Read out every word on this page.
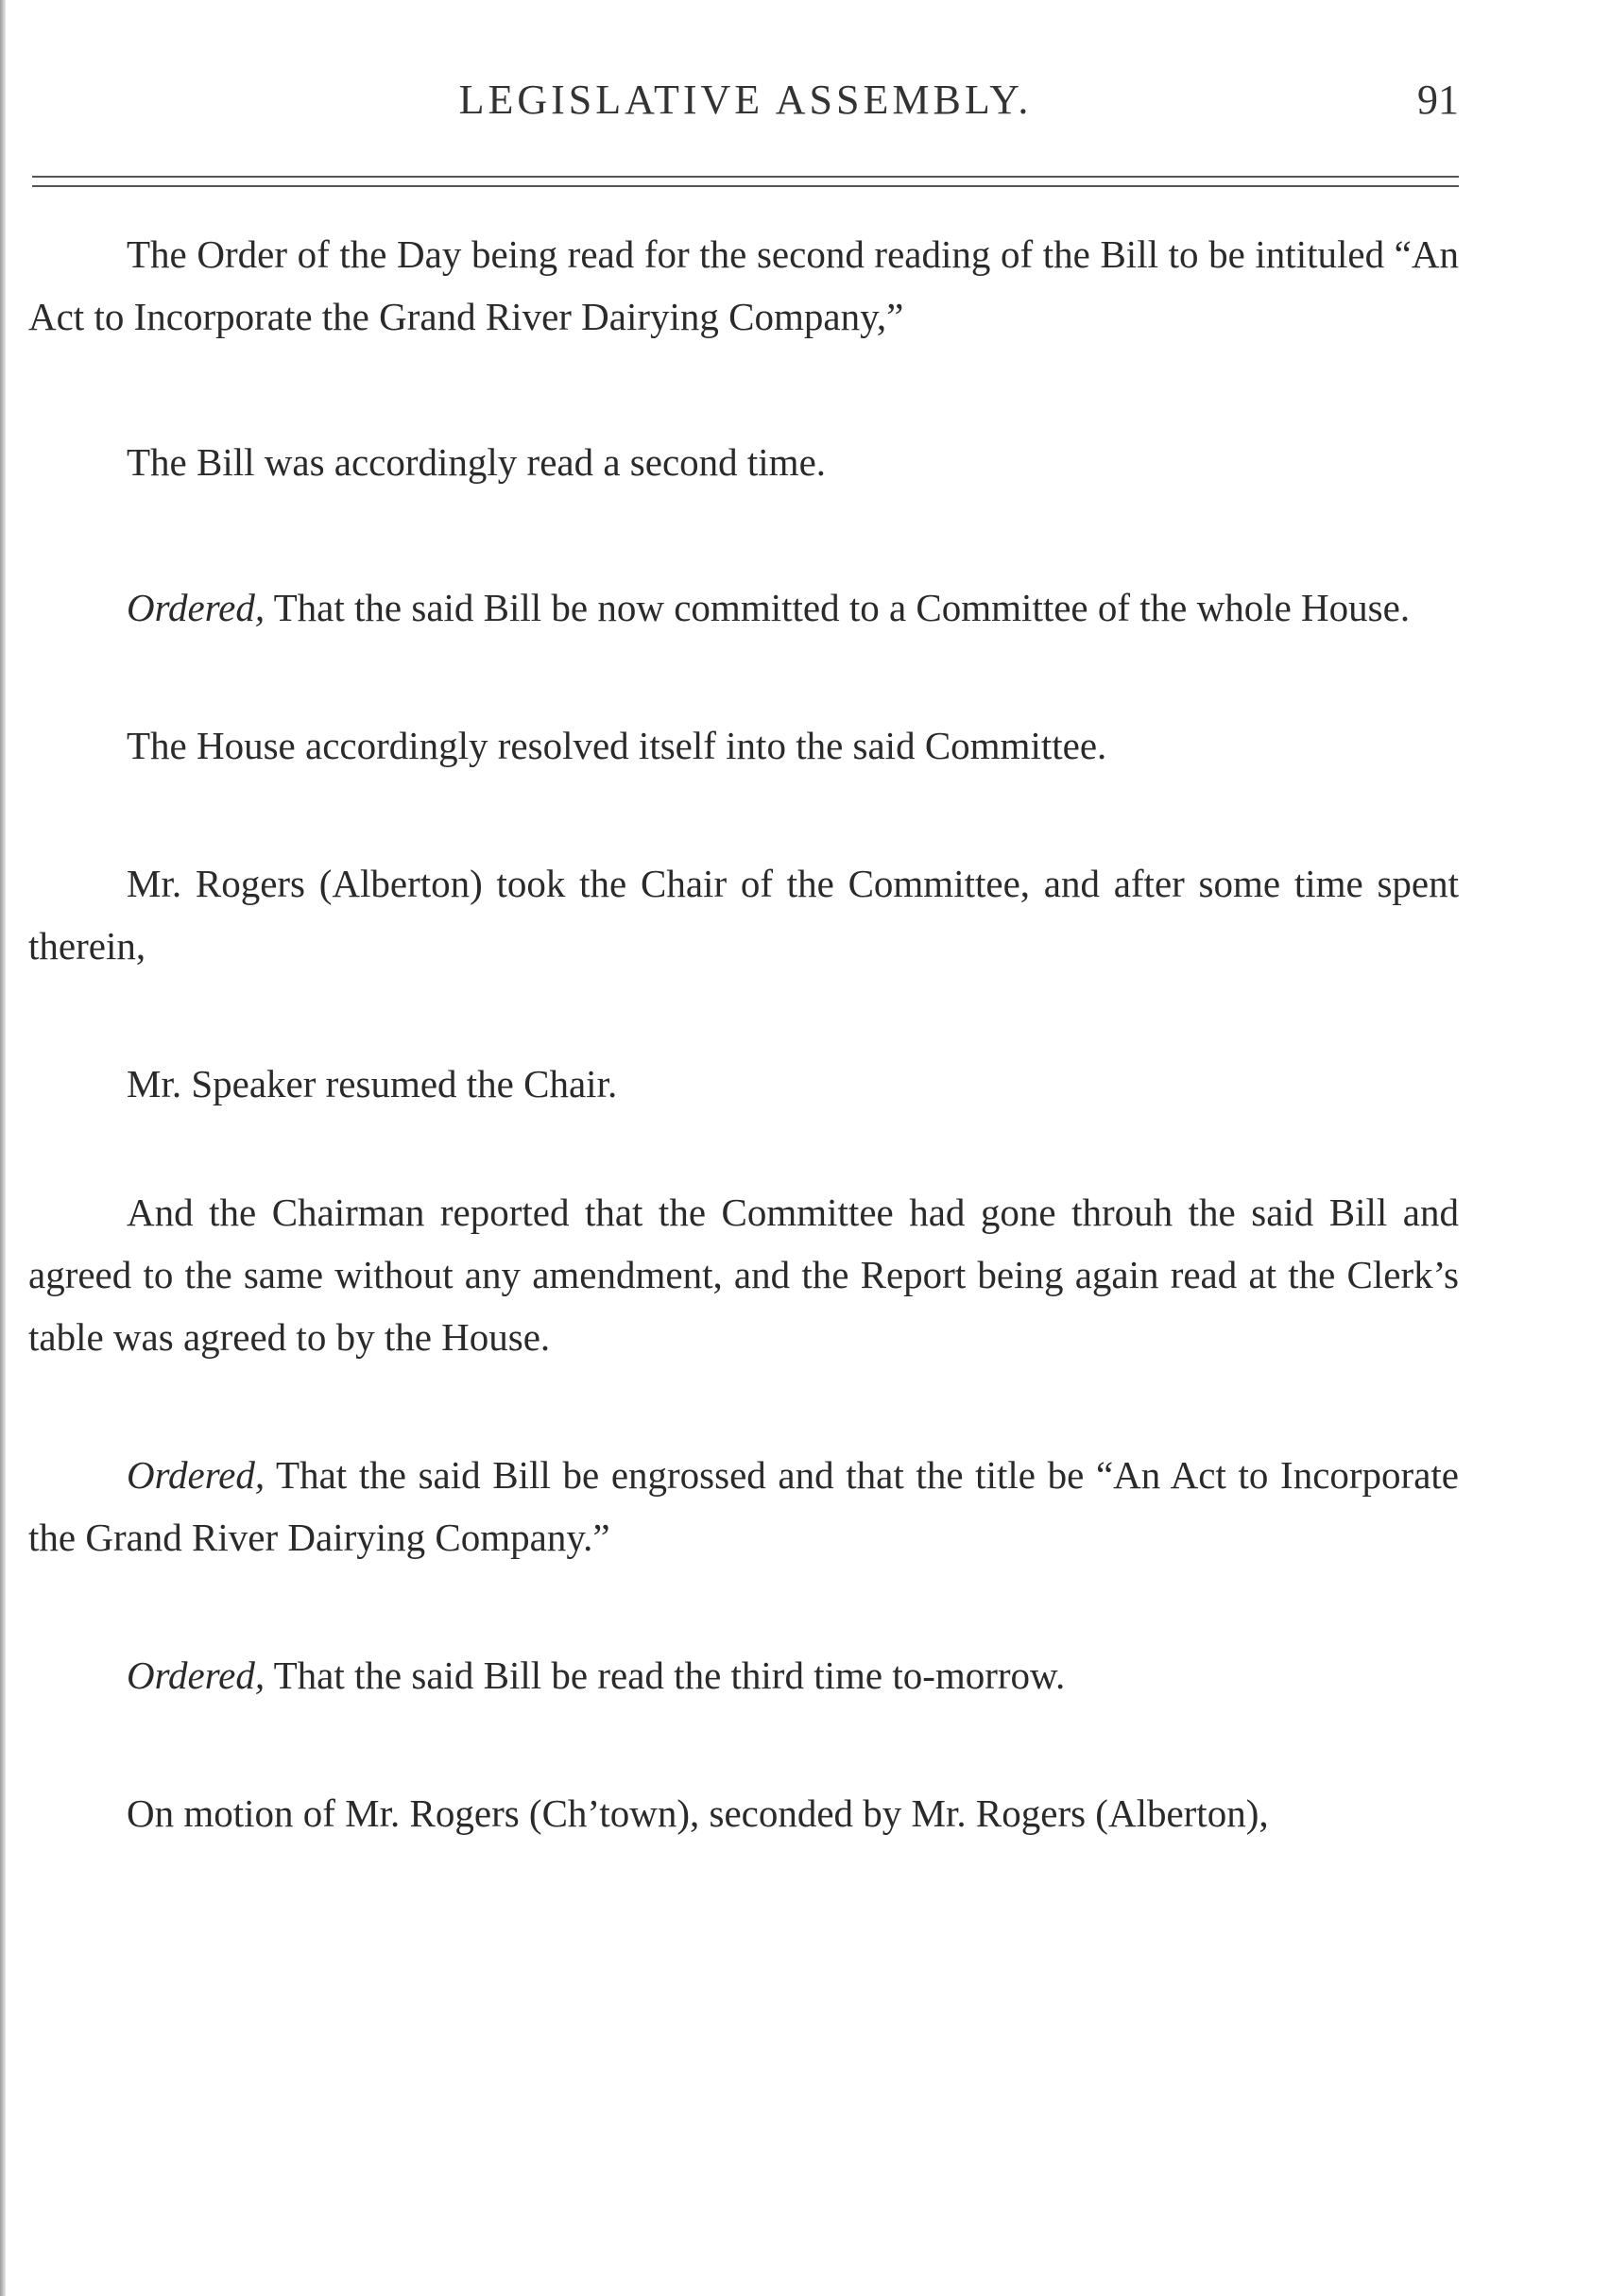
LEGISLATIVE ASSEMBLY.	91

The Order of the Day being read for the second reading of the Bill to be intituled “An Act to Incorporate the Grand River Dairying Company,”

The Bill was accordingly read a second time.

Ordered, That the said Bill be now committed to a Committee of the whole House.

The House accordingly resolved itself into the said Committee.

Mr. Rogers (Alberton) took the Chair of the Committee, and after some time spent therein,

Mr. Speaker resumed the Chair.

And the Chairman reported that the Committee had gone throuh the said Bill and agreed to the same without any amendment, and the Report being again read at the Clerk’s table was agreed to by the House.

Ordered, That the said Bill be engrossed and that the title be “An Act to Incorporate the Grand River Dairying Company.”

Ordered, That the said Bill be read the third time to-morrow.

On motion of Mr. Rogers (Ch’town), seconded by Mr. Rogers (Alberton),
